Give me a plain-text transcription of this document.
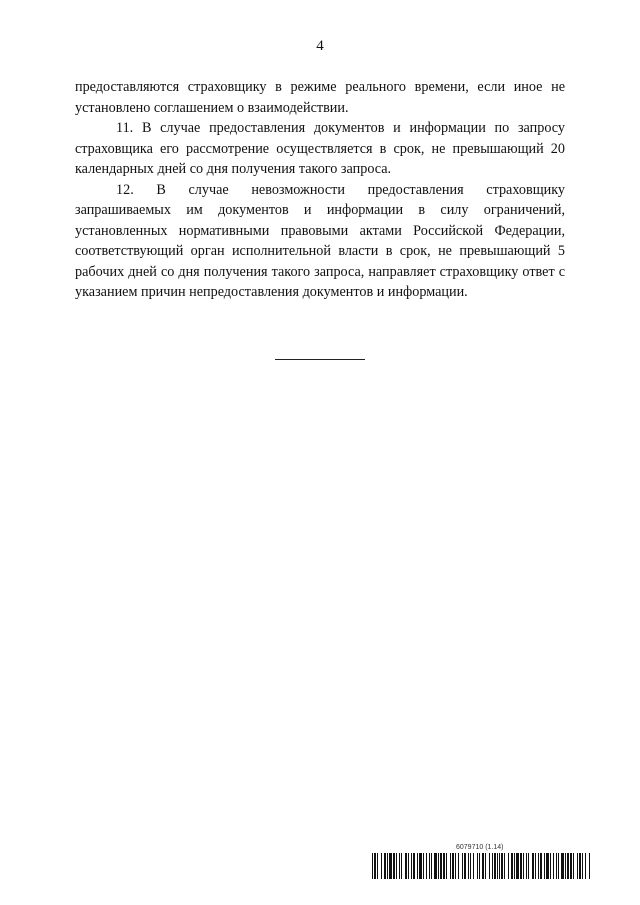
4

предоставляются страховщику в режиме реального времени, если иное не установлено соглашением о взаимодействии.

11. В случае предоставления документов и информации по запросу страховщика его рассмотрение осуществляется в срок, не превышающий 20 календарных дней со дня получения такого запроса.

12. В случае невозможности предоставления страховщику запрашиваемых им документов и информации в силу ограничений, установленных нормативными правовыми актами Российской Федерации, соответствующий орган исполнительной власти в срок, не превышающий 5 рабочих дней со дня получения такого запроса, направляет страховщику ответ с указанием причин непредоставления документов и информации.

6079710 (1.14)
